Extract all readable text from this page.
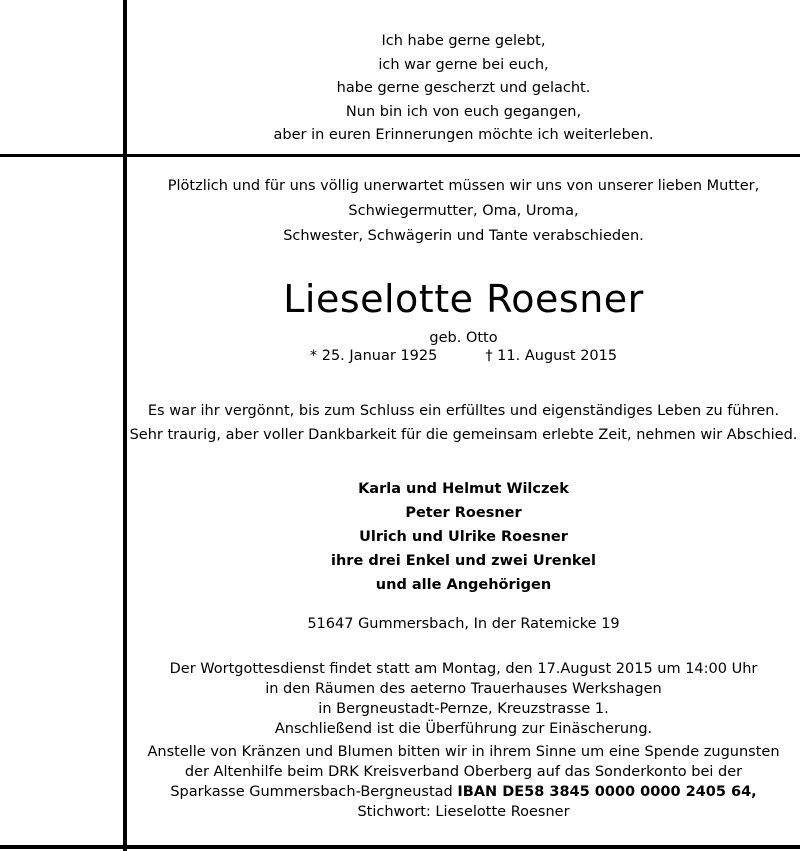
Ich habe gerne gelebt,

ich war gerne bei euch,

habe gerne gescherzt und gelacht.

Nun bin ich von euch gegangen,

aber in euren Erinnerungen möchte ich weiterleben.

Plötzlich und für uns völlig unerwartet müssen wir uns von unserer lieben Mutter,

Schwiegermutter, Oma, Uroma,

Schwester, Schwägerin und Tante verabschieden.

Lieselotte Roesner
geb. Otto
* 25. Januar 1925	† 11. August 2015

Es war ihr vergönnt, bis zum Schluss ein erfülltes und eigenständiges Leben zu führen.

Sehr traurig, aber voller Dankbarkeit für die gemeinsam erlebte Zeit, nehmen wir Abschied.

Karla und Helmut Wilczek

Peter Roesner

Ulrich und Ulrike Roesner

ihre drei Enkel und zwei Urenkel

und alle Angehörigen

51647 Gummersbach, In der Ratemicke 19

Der Wortgottesdienst findet statt am Montag, den 17.August 2015 um 14:00 Uhr

in den Räumen des aeterno Trauerhauses Werkshagen

in Bergneustadt-Pernze, Kreuzstrasse 1.

Anschließend ist die Überführung zur Einäscherung.

Anstelle von Kränzen und Blumen bitten wir in ihrem Sinne um eine Spende zugunsten

der Altenhilfe beim DRK Kreisverband Oberberg auf das Sonderkonto bei der

Sparkasse Gummersbach-Bergneustad IBAN DE58 3845 0000 0000 2405 64,

Stichwort: Lieselotte Roesner
